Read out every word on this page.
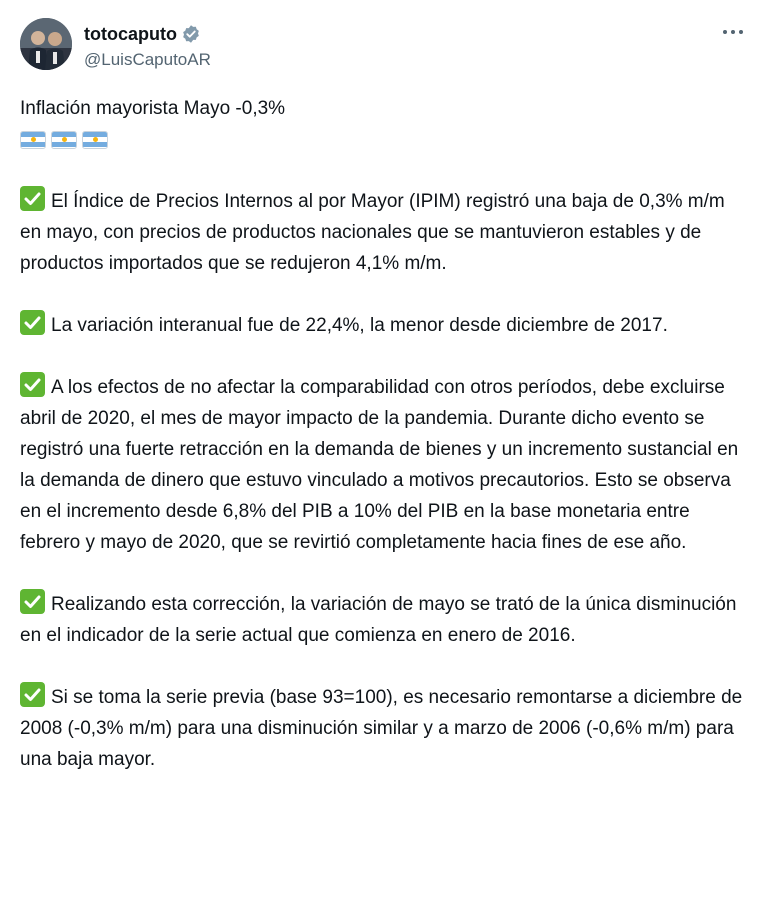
totocaputo
@LuisCaputoAR

Inflación mayorista Mayo -0,3%

El Índice de Precios Internos al por Mayor (IPIM) registró una baja de 0,3% m/m en mayo, con precios de productos nacionales que se mantuvieron estables y de productos importados que se redujeron 4,1% m/m.

La variación interanual fue de 22,4%, la menor desde diciembre de 2017.

A los efectos de no afectar la comparabilidad con otros períodos, debe excluirse abril de 2020, el mes de mayor impacto de la pandemia. Durante dicho evento se registró una fuerte retracción en la demanda de bienes y un incremento sustancial en la demanda de dinero que estuvo vinculado a motivos precautorios. Esto se observa en el incremento desde 6,8% del PIB a 10% del PIB en la base monetaria entre febrero y mayo de 2020, que se revirtió completamente hacia fines de ese año.

Realizando esta corrección, la variación de mayo se trató de la única disminución en el indicador de la serie actual que comienza en enero de 2016.

Si se toma la serie previa (base 93=100), es necesario remontarse a diciembre de 2008 (-0,3% m/m) para una disminución similar y a marzo de 2006 (-0,6% m/m) para una baja mayor.
